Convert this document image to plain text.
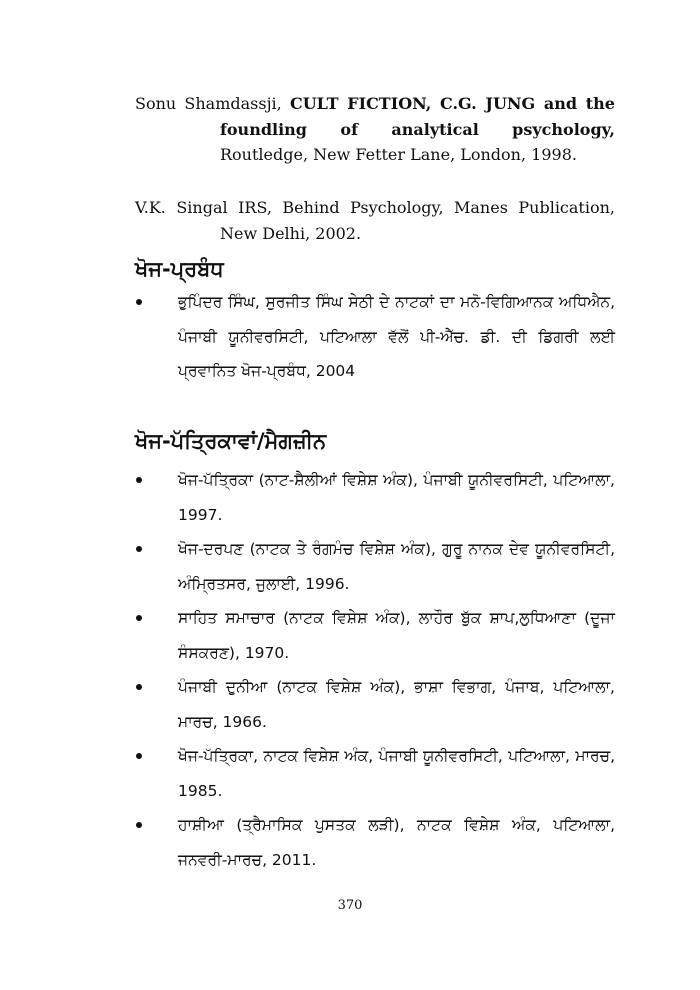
Sonu Shamdassji, CULT FICTION, C.G. JUNG and the foundling of analytical psychology, Routledge, New Fetter Lane, London, 1998.
V.K. Singal IRS, Behind Psychology, Manes Publication, New Delhi, 2002.
ਖੋਜ-ਪ੍ਰਬੰਧ
ਭੁਪਿੰਦਰ ਸਿੰਘ, ਸੁਰਜੀਤ ਸਿੰਘ ਸੇਠੀ ਦੇ ਨਾਟਕਾਂ ਦਾ ਮਨੋ-ਵਿਗਿਆਨਕ ਅਧਿਐਨ, ਪੰਜਾਬੀ ਯੂਨੀਵਰਸਿਟੀ, ਪਟਿਆਲਾ ਵੱਲੋਂ ਪੀ-ਐੱਚ. ਡੀ. ਦੀ ਡਿਗਰੀ ਲਈ ਪ੍ਰਵਾਨਿਤ ਖੋਜ-ਪ੍ਰਬੰਧ, 2004
ਖੋਜ-ਪੱਤ੍ਰਿਕਾਵਾਂ/ਮੈਗਜ਼ੀਨ
ਖੋਜ-ਪੱਤ੍ਰਿਕਾ (ਨਾਟ-ਸ਼ੈਲੀਆਂ ਵਿਸ਼ੇਸ਼ ਅੰਕ), ਪੰਜਾਬੀ ਯੂਨੀਵਰਸਿਟੀ, ਪਟਿਆਲਾ, 1997.
ਖੋਜ-ਦਰਪਣ (ਨਾਟਕ ਤੇ ਰੰਗਮੰਚ ਵਿਸ਼ੇਸ਼ ਅੰਕ), ਗੁਰੂ ਨਾਨਕ ਦੇਵ ਯੂਨੀਵਰਸਿਟੀ, ਅੰਮ੍ਰਿਤਸਰ, ਜੁਲਾਈ, 1996.
ਸਾਹਿਤ ਸਮਾਚਾਰ (ਨਾਟਕ ਵਿਸ਼ੇਸ਼ ਅੰਕ), ਲਾਹੌਰ ਬੁੱਕ ਸ਼ਾਪ,ਲੁਧਿਆਣਾ (ਦੂਜਾ ਸੰਸਕਰਣ), 1970.
ਪੰਜਾਬੀ ਦੁਨੀਆ (ਨਾਟਕ ਵਿਸ਼ੇਸ਼ ਅੰਕ), ਭਾਸ਼ਾ ਵਿਭਾਗ, ਪੰਜਾਬ, ਪਟਿਆਲਾ, ਮਾਰਚ, 1966.
ਖੋਜ-ਪੱਤ੍ਰਿਕਾ, ਨਾਟਕ ਵਿਸ਼ੇਸ਼ ਅੰਕ, ਪੰਜਾਬੀ ਯੂਨੀਵਰਸਿਟੀ, ਪਟਿਆਲਾ, ਮਾਰਚ, 1985.
ਹਾਸ਼ੀਆ (ਤ੍ਰੈਮਾਸਿਕ ਪੁਸਤਕ ਲੜੀ), ਨਾਟਕ ਵਿਸ਼ੇਸ਼ ਅੰਕ, ਪਟਿਆਲਾ, ਜਨਵਰੀ-ਮਾਰਚ, 2011.
370
